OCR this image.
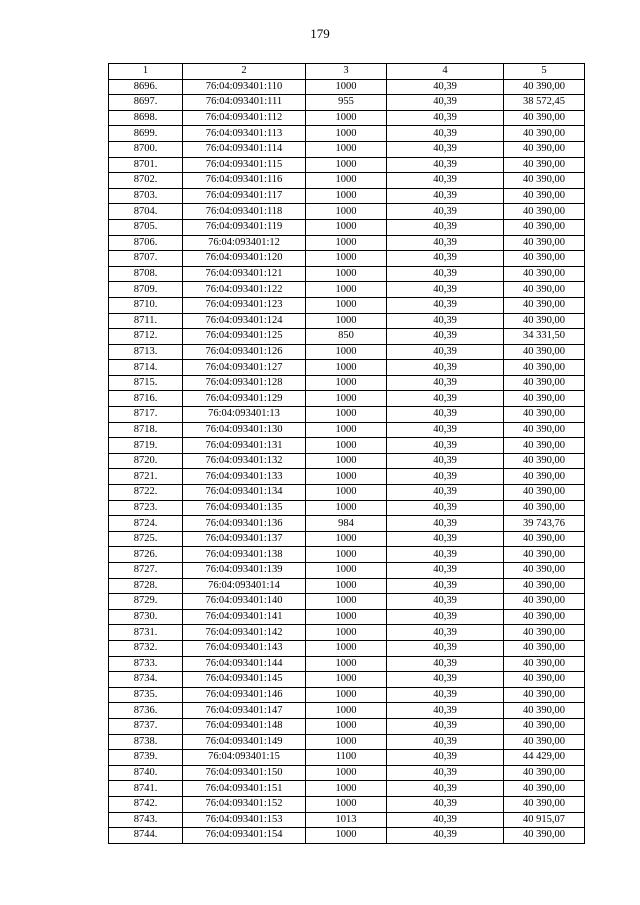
179
1	2	3	4	5
8696.	76:04:093401:110	1000	40,39	40 390,00
8697.	76:04:093401:111	955	40,39	38 572,45
8698.	76:04:093401:112	1000	40,39	40 390,00
8699.	76:04:093401:113	1000	40,39	40 390,00
8700.	76:04:093401:114	1000	40,39	40 390,00
8701.	76:04:093401:115	1000	40,39	40 390,00
8702.	76:04:093401:116	1000	40,39	40 390,00
8703.	76:04:093401:117	1000	40,39	40 390,00
8704.	76:04:093401:118	1000	40,39	40 390,00
8705.	76:04:093401:119	1000	40,39	40 390,00
8706.	76:04:093401:12	1000	40,39	40 390,00
8707.	76:04:093401:120	1000	40,39	40 390,00
8708.	76:04:093401:121	1000	40,39	40 390,00
8709.	76:04:093401:122	1000	40,39	40 390,00
8710.	76:04:093401:123	1000	40,39	40 390,00
8711.	76:04:093401:124	1000	40,39	40 390,00
8712.	76:04:093401:125	850	40,39	34 331,50
8713.	76:04:093401:126	1000	40,39	40 390,00
8714.	76:04:093401:127	1000	40,39	40 390,00
8715.	76:04:093401:128	1000	40,39	40 390,00
8716.	76:04:093401:129	1000	40,39	40 390,00
8717.	76:04:093401:13	1000	40,39	40 390,00
8718.	76:04:093401:130	1000	40,39	40 390,00
8719.	76:04:093401:131	1000	40,39	40 390,00
8720.	76:04:093401:132	1000	40,39	40 390,00
8721.	76:04:093401:133	1000	40,39	40 390,00
8722.	76:04:093401:134	1000	40,39	40 390,00
8723.	76:04:093401:135	1000	40,39	40 390,00
8724.	76:04:093401:136	984	40,39	39 743,76
8725.	76:04:093401:137	1000	40,39	40 390,00
8726.	76:04:093401:138	1000	40,39	40 390,00
8727.	76:04:093401:139	1000	40,39	40 390,00
8728.	76:04:093401:14	1000	40,39	40 390,00
8729.	76:04:093401:140	1000	40,39	40 390,00
8730.	76:04:093401:141	1000	40,39	40 390,00
8731.	76:04:093401:142	1000	40,39	40 390,00
8732.	76:04:093401:143	1000	40,39	40 390,00
8733.	76:04:093401:144	1000	40,39	40 390,00
8734.	76:04:093401:145	1000	40,39	40 390,00
8735.	76:04:093401:146	1000	40,39	40 390,00
8736.	76:04:093401:147	1000	40,39	40 390,00
8737.	76:04:093401:148	1000	40,39	40 390,00
8738.	76:04:093401:149	1000	40,39	40 390,00
8739.	76:04:093401:15	1100	40,39	44 429,00
8740.	76:04:093401:150	1000	40,39	40 390,00
8741.	76:04:093401:151	1000	40,39	40 390,00
8742.	76:04:093401:152	1000	40,39	40 390,00
8743.	76:04:093401:153	1013	40,39	40 915,07
8744.	76:04:093401:154	1000	40,39	40 390,00
